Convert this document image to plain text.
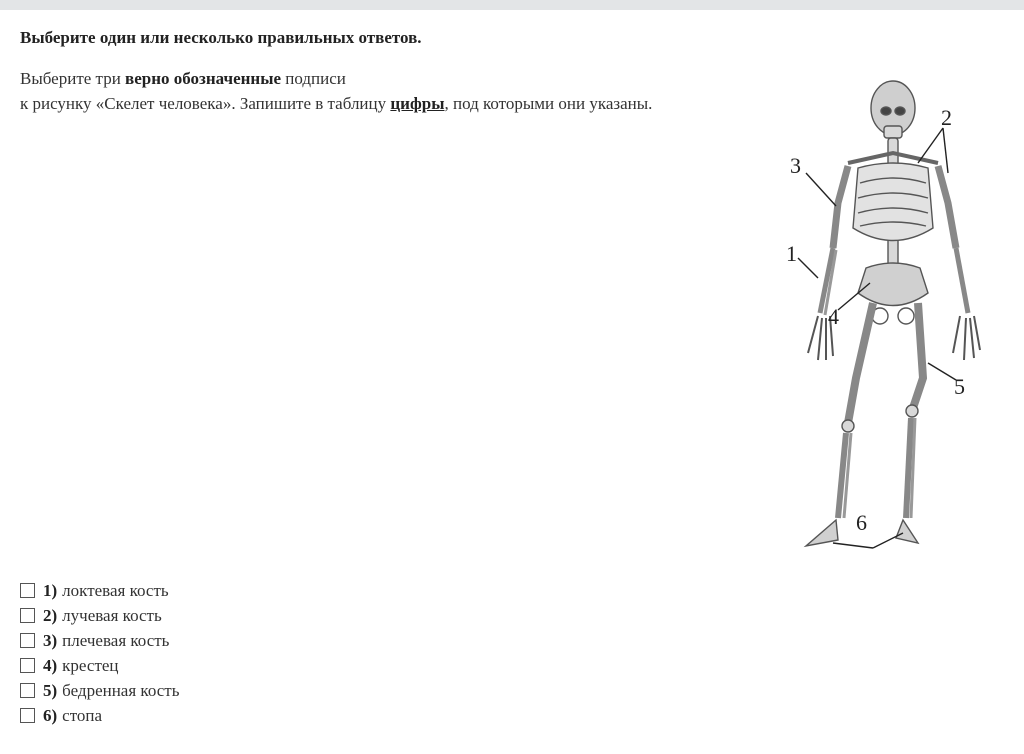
Выберите один или несколько правильных ответов.
Выберите три верно обозначенные подписи
к рисунку «Скелет человека». Запишите в таблицу цифры, под которыми они указаны.
1
2
3
4
5
6
1) локтевая кость
2) лучевая кость
3) плечевая кость
4) крестец
5) бедренная кость
6) стопа
